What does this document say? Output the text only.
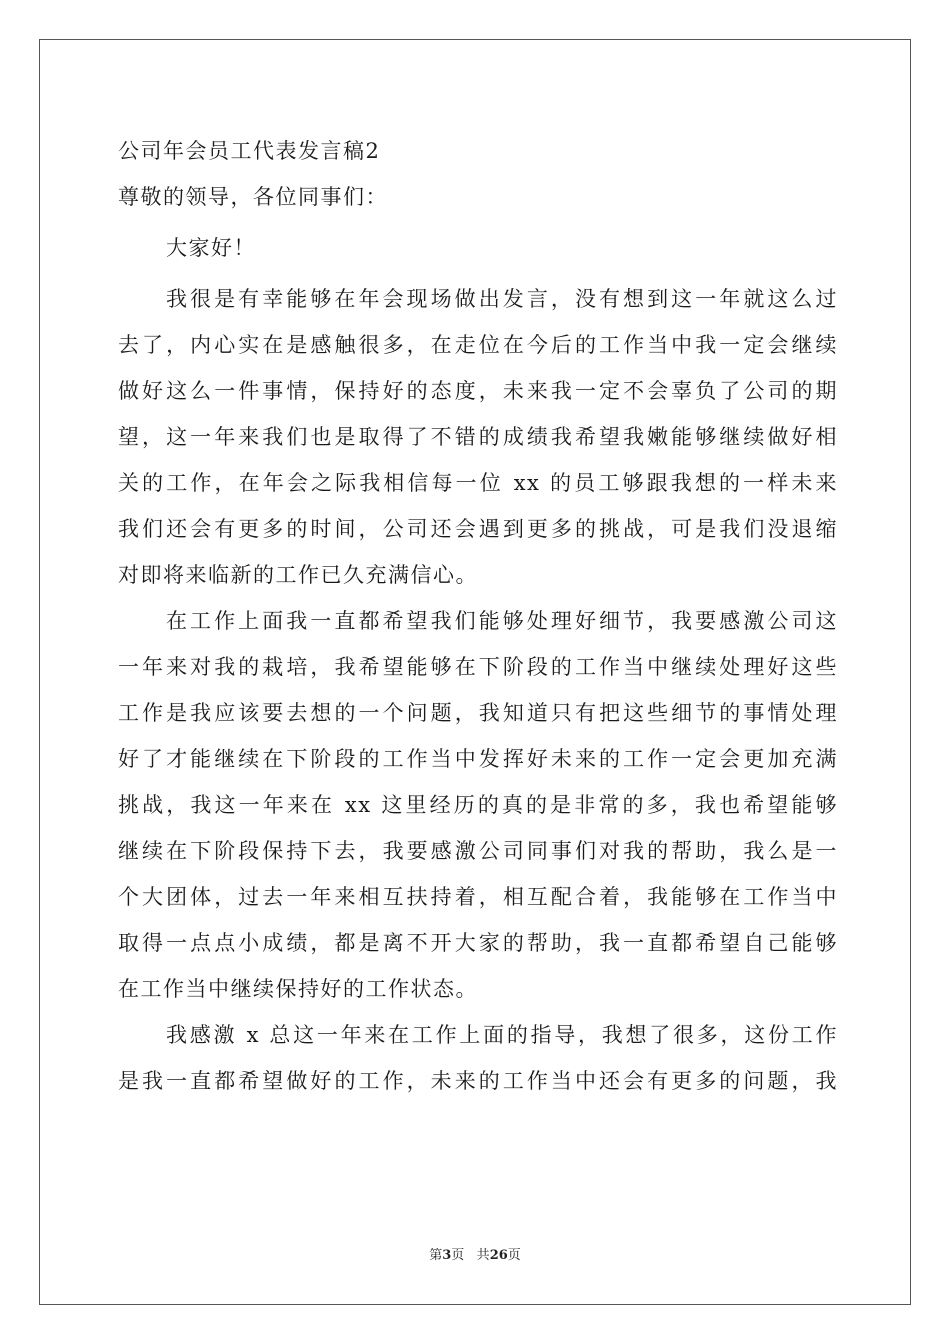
公司年会员工代表发言稿2

尊敬的领导，各位同事们：

大家好！

我很是有幸能够在年会现场做出发言，没有想到这一年就这么过
去了，内心实在是感触很多，在走位在今后的工作当中我一定会继续
做好这么一件事情，保持好的态度，未来我一定不会辜负了公司的期
望，这一年来我们也是取得了不错的成绩我希望我嫩能够继续做好相
关的工作，在年会之际我相信每一位 xx 的员工够跟我想的一样未来
我们还会有更多的时间，公司还会遇到更多的挑战，可是我们没退缩
对即将来临新的工作已久充满信心。
在工作上面我一直都希望我们能够处理好细节，我要感激公司这
一年来对我的栽培，我希望能够在下阶段的工作当中继续处理好这些
工作是我应该要去想的一个问题，我知道只有把这些细节的事情处理
好了才能继续在下阶段的工作当中发挥好未来的工作一定会更加充满
挑战，我这一年来在 xx 这里经历的真的是非常的多，我也希望能够
继续在下阶段保持下去，我要感激公司同事们对我的帮助，我么是一
个大团体，过去一年来相互扶持着，相互配合着，我能够在工作当中
取得一点点小成绩，都是离不开大家的帮助，我一直都希望自己能够
在工作当中继续保持好的工作状态。
我感激 x 总这一年来在工作上面的指导，我想了很多，这份工作
是我一直都希望做好的工作，未来的工作当中还会有更多的问题，我
第3页 共26页
